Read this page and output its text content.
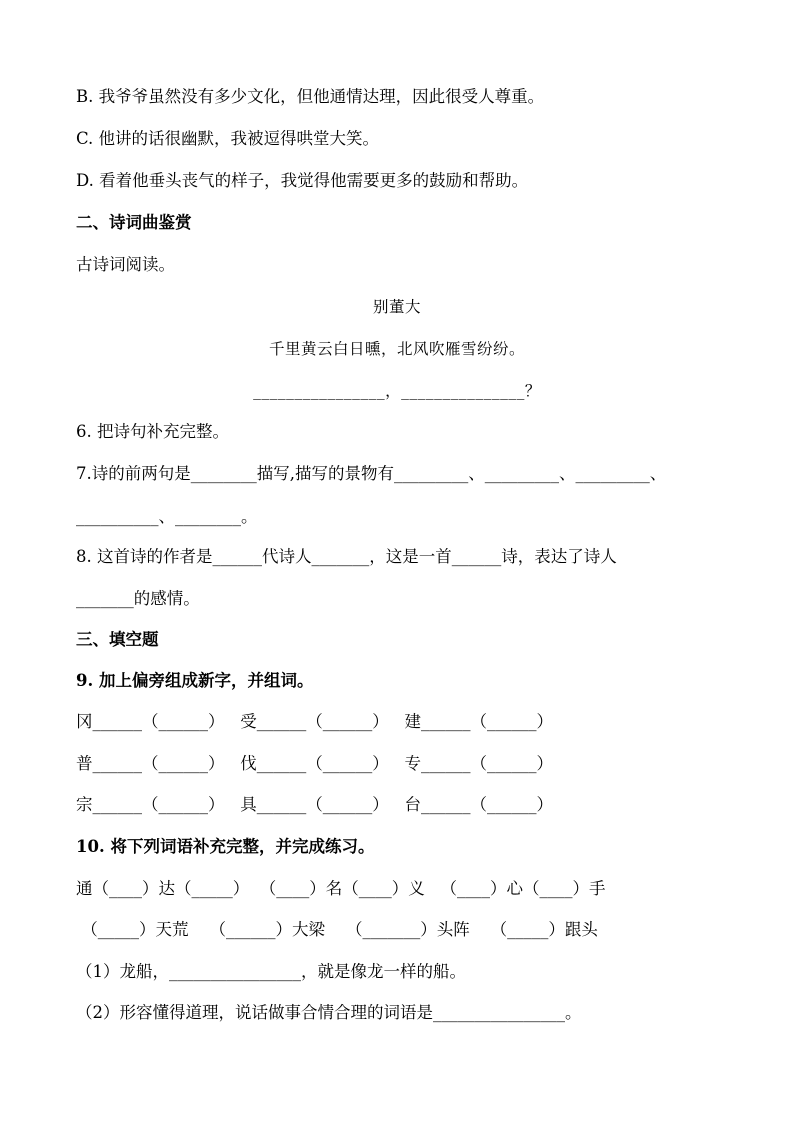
B. 我爷爷虽然没有多少文化，但他通情达理，因此很受人尊重。
C. 他讲的话很幽默，我被逗得哄堂大笑。
D. 看着他垂头丧气的样子，我觉得他需要更多的鼓励和帮助。
二、诗词曲鉴赏
古诗词阅读。
别董大
千里黄云白日曛，北风吹雁雪纷纷。
________________，_______________？
6. 把诗句补充完整。
7.诗的前两句是________描写,描写的景物有_________、_________、_________、
__________、________。
8. 这首诗的作者是______代诗人_______，这是一首______诗，表达了诗人
_______的感情。
三、填空题
9. 加上偏旁组成新字，并组词。
冈______（______）   受______（______）   建______（______）
普______（______）   伐______（______）   专______（______）
宗______（______）   具______（______）   台______（______）
10. 将下列词语补充完整，并完成练习。
通（____）达（_____）  （____）名（____）义   （____）心（____）手
（_____）天荒    （______）大梁    （_______）头阵    （_____）跟头
（1）龙船，________________，就是像龙一样的船。
（2）形容懂得道理，说话做事合情合理的词语是________________。
